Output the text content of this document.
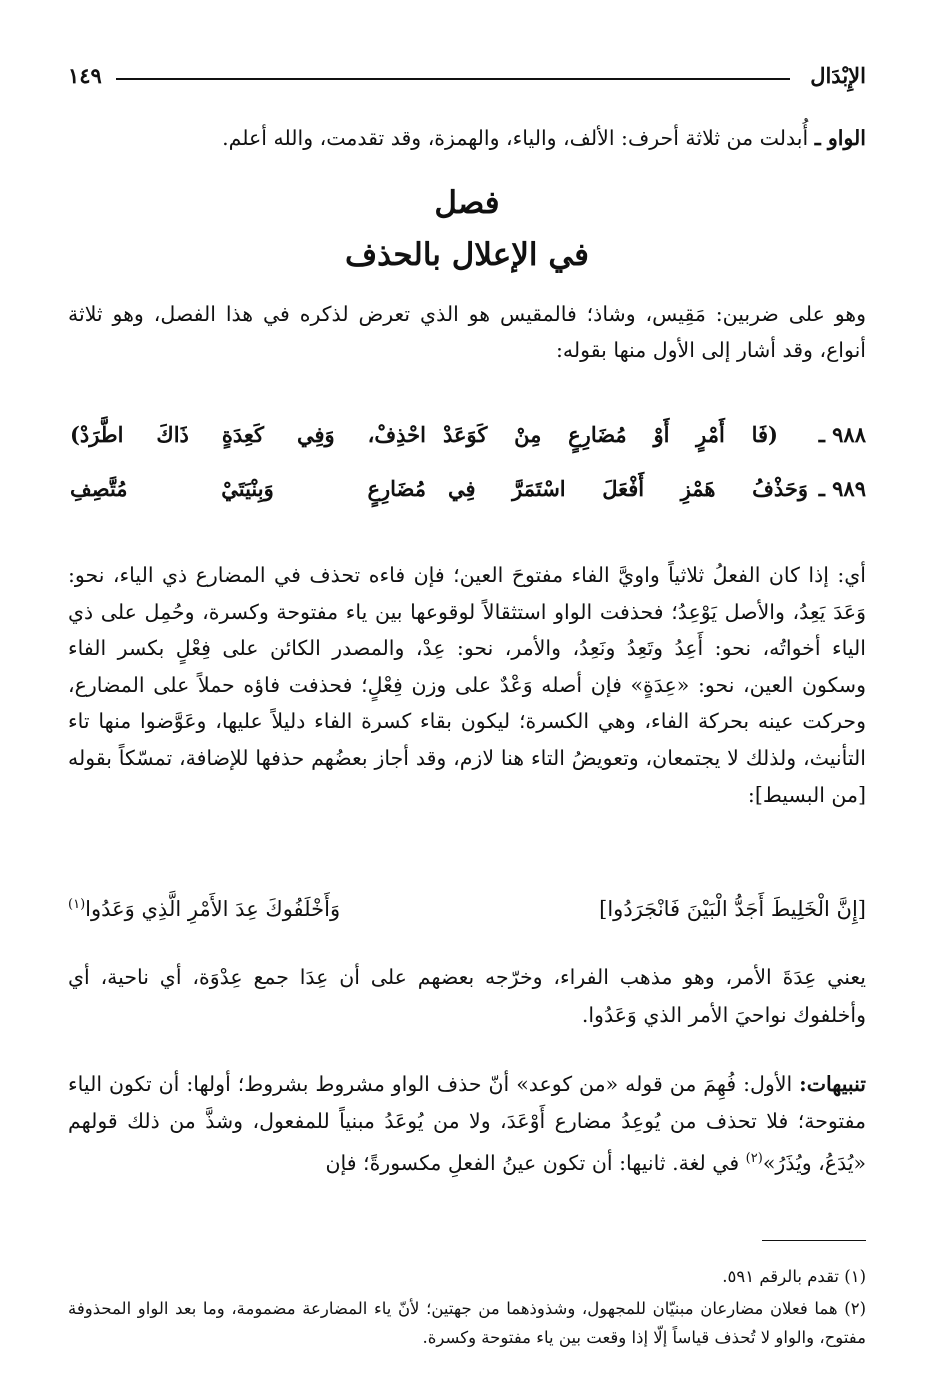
الإِبْدَال
١٤٩

الواو ـ أُبدلت من ثلاثة أحرف: الألف، والياء، والهمزة، وقد تقدمت، والله أعلم.

فصل
في الإعلال بالحذف

وهو على ضربين: مَقِيس، وشاذ؛ فالمقيس هو الذي تعرض لذكره في هذا الفصل، وهو ثلاثة أنواع، وقد أشار إلى الأول منها بقوله:

٩٨٨ ـ
(فَا أَمْرٍ أَوْ مُضَارِعٍ مِنْ كَوَعَدْ
احْذِفْ، وَفِي كَعِدَةٍ ذَاكَ اطَّرَدْ)
٩٨٩ ـ
وَحَذْفُ هَمْزِ أَفْعَلَ اسْتَمَرَّ فِي
مُضَارِعٍ وَبِنْيَتَيْ مُتَّصِفِ

أي: إذا كان الفعلُ ثلاثياً واويَّ الفاء مفتوحَ العين؛ فإن فاءه تحذف في المضارع ذي الياء، نحو: وَعَدَ يَعِدُ، والأصل يَوْعِدُ؛ فحذفت الواو استثقالاً لوقوعها بين ياء مفتوحة وكسرة، وحُمِل على ذي الياء أخواتُه، نحو: أَعِدُ وتَعِدُ ونَعِدُ، والأمر، نحو: عِدْ، والمصدر الكائن على فِعْلٍ بكسر الفاء وسكون العين، نحو: «عِدَةٍ» فإن أصله وَعْدٌ على وزن فِعْلٍ؛ فحذفت فاؤه حملاً على المضارع، وحركت عينه بحركة الفاء، وهي الكسرة؛ ليكون بقاء كسرة الفاء دليلاً عليها، وعَوَّضوا منها تاء التأنيث، ولذلك لا يجتمعان، وتعويضُ التاء هنا لازم، وقد أجاز بعضُهم حذفها للإضافة، تمسّكاً بقوله [من البسيط]:

[إِنَّ الْخَلِيطَ أَجَدُّ الْبَيْنَ فَانْجَرَدُوا]
وَأَخْلَفُوكَ عِدَ الأَمْرِ الَّذِي وَعَدُوا$^{(١)}$

يعني عِدَةَ الأمر، وهو مذهب الفراء، وخرّجه بعضهم على أن عِدَا جمع عِدْوَة، أي ناحية، أي وأخلفوك نواحيَ الأمر الذي وَعَدُوا.

تنبيهات: الأول: فُهِمَ من قوله «من كوعد» أنّ حذف الواو مشروط بشروط؛ أولها: أن تكون الياء مفتوحة؛ فلا تحذف من يُوعِدُ مضارع أَوْعَدَ، ولا من يُوعَدُ مبنياً للمفعول، وشذَّ من ذلك قولهم «يُدَعُ، ويُذَرُ»$^{(٢)}$ في لغة. ثانيها: أن تكون عينُ الفعلِ مكسورةً؛ فإن

(١) تقدم بالرقم ٥٩١.

(٢) هما فعلان مضارعان مبنيّان للمجهول، وشذوذهما من جهتين؛ لأنّ ياء المضارعة مضمومة، وما بعد الواو المحذوفة مفتوح، والواو لا تُحذف قياساً إلّا إذا وقعت بين ياء مفتوحة وكسرة.
